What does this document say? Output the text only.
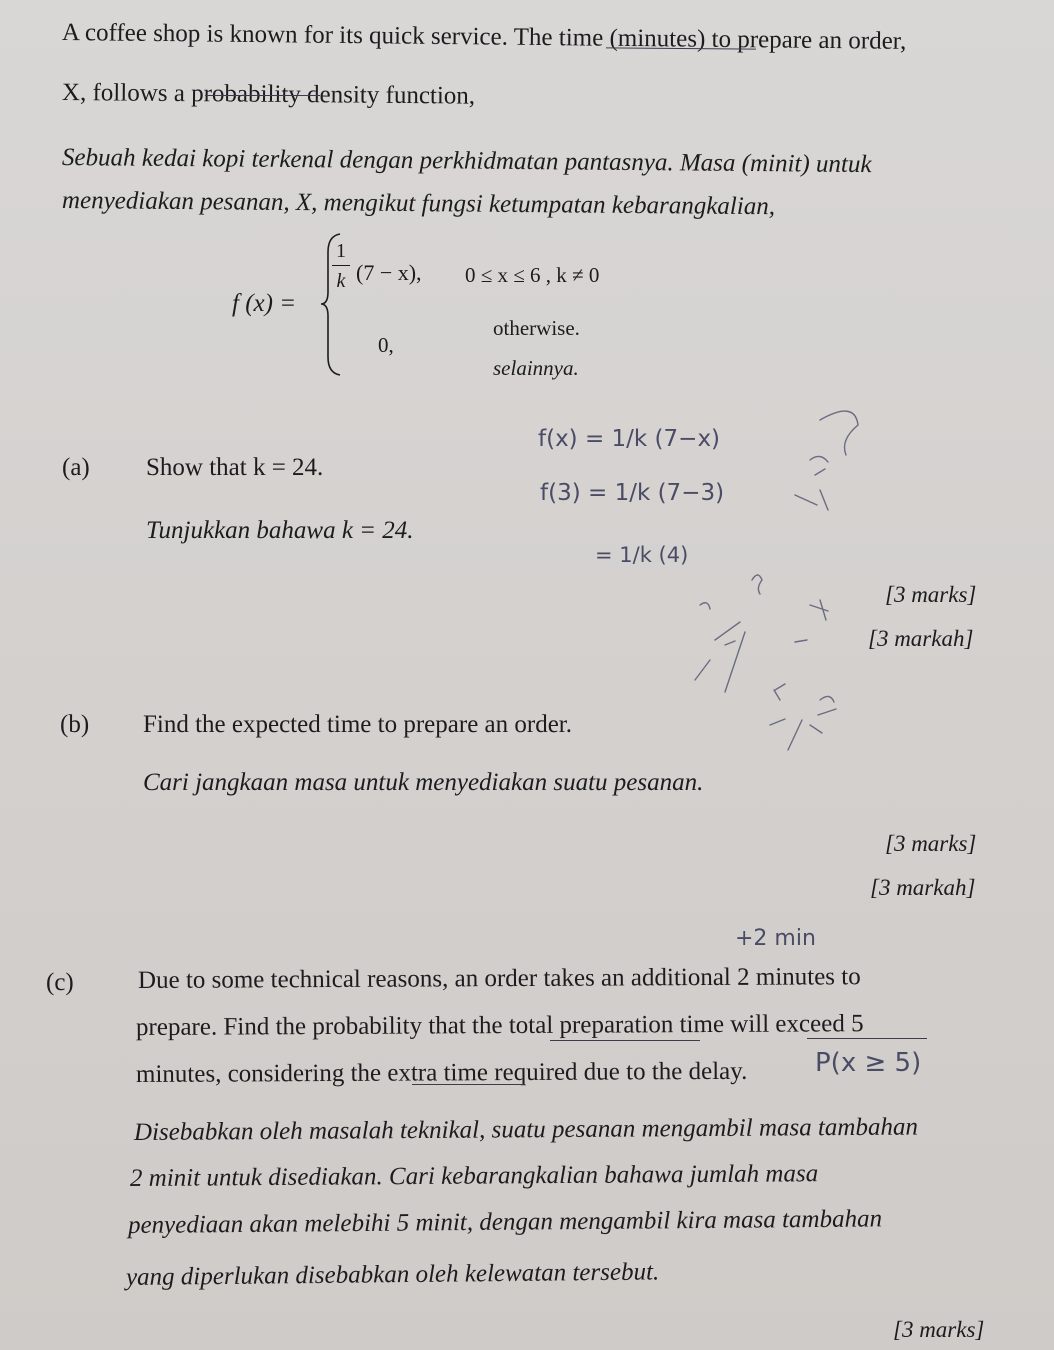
A coffee shop is known for its quick service. The time (minutes) to prepare an order,
X, follows a probability density function,
Sebuah kedai kopi terkenal dengan perkhidmatan pantasnya. Masa (minit) untuk
menyediakan pesanan, X, mengikut fungsi ketumpatan kebarangkalian,
f (x) =
1
k (7 − x), 0 ≤ x ≤ 6 , k ≠ 0
0,
otherwise.
selainnya.
(a) Show that k = 24.
Tunjukkan bahawa k = 24.
[3 marks]
[3 markah]
(b) Find the expected time to prepare an order.
Cari jangkaan masa untuk menyediakan suatu pesanan.
[3 marks]
[3 markah]
(c)	Due to some technical reasons, an order takes an additional 2 minutes to
prepare. Find the probability that the total preparation time will exceed 5
minutes, considering the extra time required due to the delay.
Disebabkan oleh masalah teknikal, suatu pesanan mengambil masa tambahan
2 minit untuk disediakan. Cari kebarangkalian bahawa jumlah masa
penyediaan akan melebihi 5 minit, dengan mengambil kira masa tambahan
yang diperlukan disebabkan oleh kelewatan tersebut.
[3 marks]
f(x) = 1/k (7−x)
f(3) = 1/k (7−3)
= 1/k (4)
+2 min
P(x ≥ 5)
